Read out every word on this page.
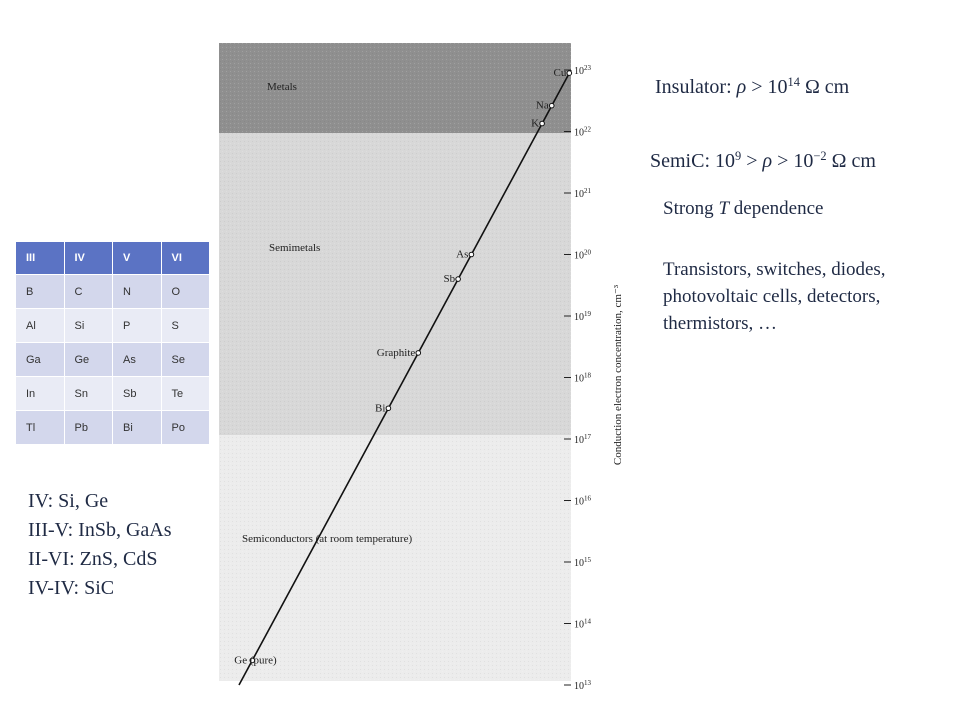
III	IV	V	VI
B	C	N	O
Al	Si	P	S
Ga	Ge	As	Se
In	Sn	Sb	Te
Tl	Pb	Bi	Po
IV: Si, Ge
III-V: InSb, GaAs
II-VI: ZnS, CdS
IV-IV: SiC
Metals
Semimetals
Semiconductors (at room temperature)
$10^{23}$
$10^{22}$
$10^{21}$
$10^{20}$
$10^{19}$
$10^{18}$
$10^{17}$
$10^{16}$
$10^{15}$
$10^{14}$
$10^{13}$
Cu
Na
K
As
Sb
Graphite
Bi
Ge (pure)
Conduction electron concentration, cm⁻³
Insulator: $\rho > 10^{14}$ Ω cm
SemiC: $10^9 > \rho > 10^{-2}$ Ω cm
Strong T dependence
Transistors, switches, diodes,
photovoltaic cells, detectors,
thermistors, …
